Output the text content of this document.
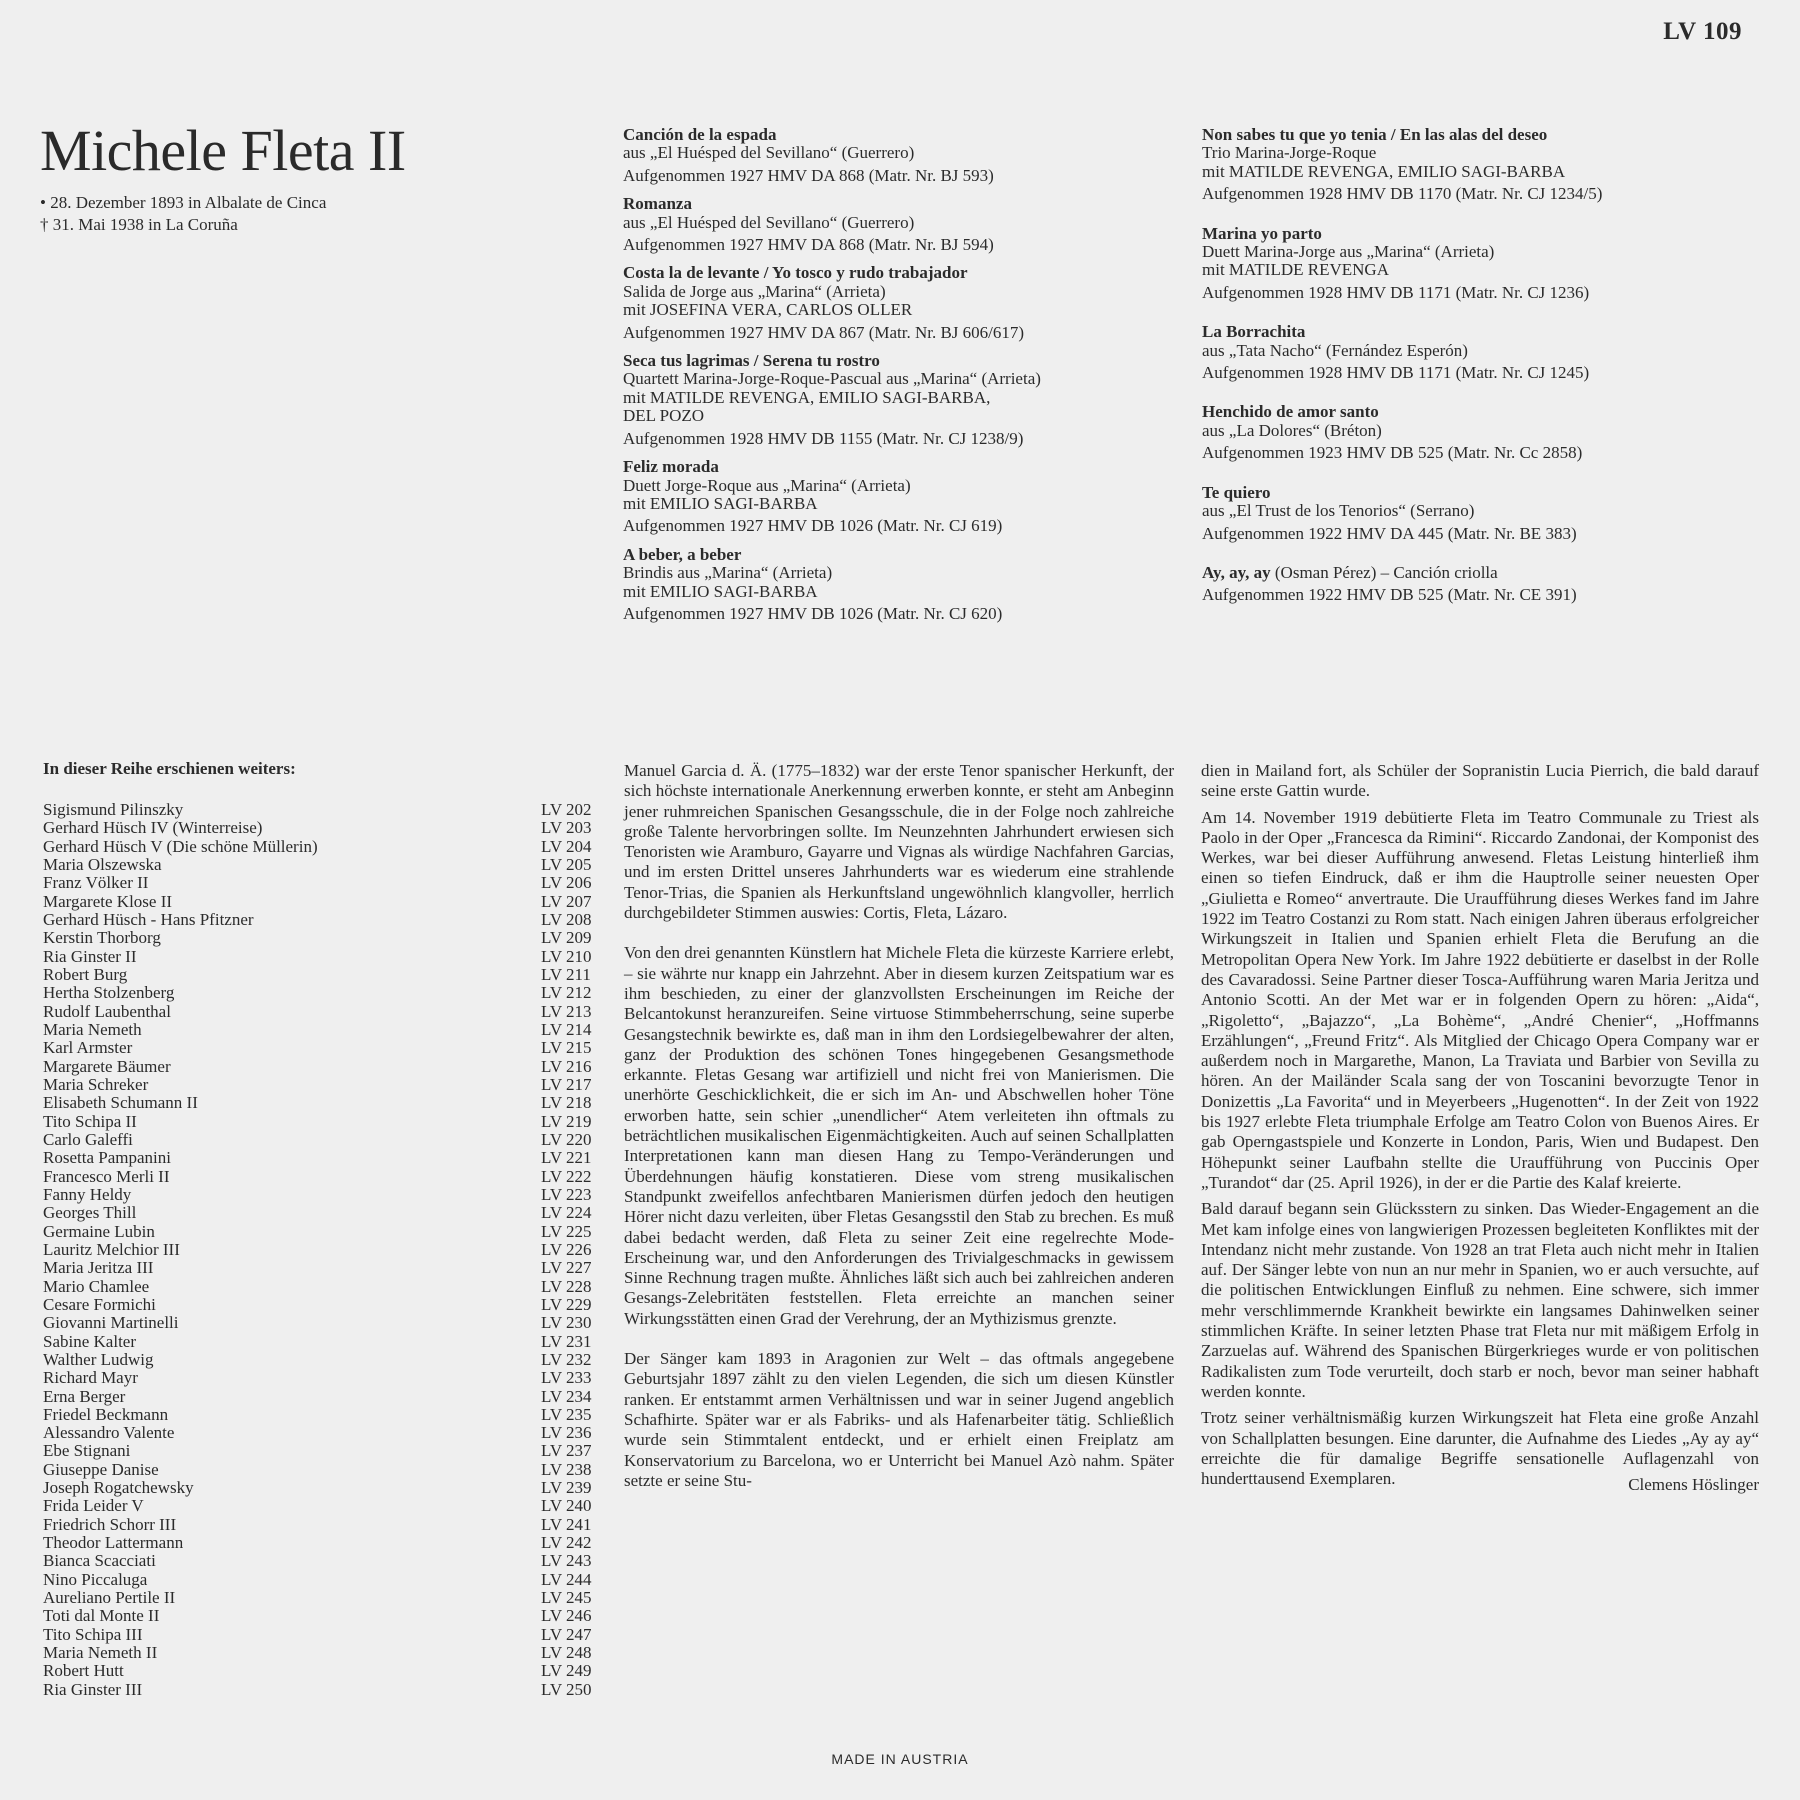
LV 109
Michele Fleta II
• 28. Dezember 1893 in Albalate de Cinca
† 31. Mai 1938 in La Coruña
Canción de la espada
aus „El Huésped del Sevillano“ (Guerrero)
Aufgenommen 1927 HMV DA 868 (Matr. Nr. BJ 593)
Romanza
aus „El Huésped del Sevillano“ (Guerrero)
Aufgenommen 1927 HMV DA 868 (Matr. Nr. BJ 594)
Costa la de levante / Yo tosco y rudo trabajador
Salida de Jorge aus „Marina“ (Arrieta)
mit JOSEFINA VERA, CARLOS OLLER
Aufgenommen 1927 HMV DA 867 (Matr. Nr. BJ 606/617)
Seca tus lagrimas / Serena tu rostro
Quartett Marina-Jorge-Roque-Pascual aus „Marina“ (Arrieta)
mit MATILDE REVENGA, EMILIO SAGI-BARBA,
DEL POZO
Aufgenommen 1928 HMV DB 1155 (Matr. Nr. CJ 1238/9)
Feliz morada
Duett Jorge-Roque aus „Marina“ (Arrieta)
mit EMILIO SAGI-BARBA
Aufgenommen 1927 HMV DB 1026 (Matr. Nr. CJ 619)
A beber, a beber
Brindis aus „Marina“ (Arrieta)
mit EMILIO SAGI-BARBA
Aufgenommen 1927 HMV DB 1026 (Matr. Nr. CJ 620)
Non sabes tu que yo tenia / En las alas del deseo
Trio Marina-Jorge-Roque
mit MATILDE REVENGA, EMILIO SAGI-BARBA
Aufgenommen 1928 HMV DB 1170 (Matr. Nr. CJ 1234/5)
Marina yo parto
Duett Marina-Jorge aus „Marina“ (Arrieta)
mit MATILDE REVENGA
Aufgenommen 1928 HMV DB 1171 (Matr. Nr. CJ 1236)
La Borrachita
aus „Tata Nacho“ (Fernández Esperón)
Aufgenommen 1928 HMV DB 1171 (Matr. Nr. CJ 1245)
Henchido de amor santo
aus „La Dolores“ (Bréton)
Aufgenommen 1923 HMV DB 525 (Matr. Nr. Cc 2858)
Te quiero
aus „El Trust de los Tenorios“ (Serrano)
Aufgenommen 1922 HMV DA 445 (Matr. Nr. BE 383)
Ay, ay, ay (Osman Pérez) – Canción criolla
Aufgenommen 1922 HMV DB 525 (Matr. Nr. CE 391)
In dieser Reihe erschienen weiters:
Sigismund Pilinszky	LV 202
Gerhard Hüsch IV (Winterreise)	LV 203
Gerhard Hüsch V (Die schöne Müllerin)	LV 204
Maria Olszewska	LV 205
Franz Völker II	LV 206
Margarete Klose II	LV 207
Gerhard Hüsch - Hans Pfitzner	LV 208
Kerstin Thorborg	LV 209
Ria Ginster II	LV 210
Robert Burg	LV 211
Hertha Stolzenberg	LV 212
Rudolf Laubenthal	LV 213
Maria Nemeth	LV 214
Karl Armster	LV 215
Margarete Bäumer	LV 216
Maria Schreker	LV 217
Elisabeth Schumann II	LV 218
Tito Schipa II	LV 219
Carlo Galeffi	LV 220
Rosetta Pampanini	LV 221
Francesco Merli II	LV 222
Fanny Heldy	LV 223
Georges Thill	LV 224
Germaine Lubin	LV 225
Lauritz Melchior III	LV 226
Maria Jeritza III	LV 227
Mario Chamlee	LV 228
Cesare Formichi	LV 229
Giovanni Martinelli	LV 230
Sabine Kalter	LV 231
Walther Ludwig	LV 232
Richard Mayr	LV 233
Erna Berger	LV 234
Friedel Beckmann	LV 235
Alessandro Valente	LV 236
Ebe Stignani	LV 237
Giuseppe Danise	LV 238
Joseph Rogatchewsky	LV 239
Frida Leider V	LV 240
Friedrich Schorr III	LV 241
Theodor Lattermann	LV 242
Bianca Scacciati	LV 243
Nino Piccaluga	LV 244
Aureliano Pertile II	LV 245
Toti dal Monte II	LV 246
Tito Schipa III	LV 247
Maria Nemeth II	LV 248
Robert Hutt	LV 249
Ria Ginster III	LV 250

Manuel Garcia d. Ä. (1775–1832) war der erste Tenor spanischer Herkunft, der sich höchste internationale Anerkennung erwerben konnte, er steht am Anbeginn jener ruhmreichen Spanischen Gesangsschule, die in der Folge noch zahlreiche große Talente hervorbringen sollte. Im Neunzehnten Jahrhundert erwiesen sich Tenoristen wie Aramburo, Gayarre und Vignas als würdige Nachfahren Garcias, und im ersten Drittel unseres Jahrhunderts war es wiederum eine strahlende Tenor-Trias, die Spanien als Herkunftsland ungewöhnlich klangvoller, herrlich durchgebildeter Stimmen auswies: Cortis, Fleta, Lázaro.

Von den drei genannten Künstlern hat Michele Fleta die kürzeste Karriere erlebt, – sie währte nur knapp ein Jahrzehnt. Aber in diesem kurzen Zeitspatium war es ihm beschieden, zu einer der glanzvollsten Erscheinungen im Reiche der Belcantokunst heranzureifen. Seine virtuose Stimmbeherrschung, seine superbe Gesangstechnik bewirkte es, daß man in ihm den Lordsiegelbewahrer der alten, ganz der Produktion des schönen Tones hingegebenen Gesangsmethode erkannte. Fletas Gesang war artifiziell und nicht frei von Manierismen. Die unerhörte Geschicklichkeit, die er sich im An- und Abschwellen hoher Töne erworben hatte, sein schier „unendlicher“ Atem verleiteten ihn oftmals zu beträchtlichen musikalischen Eigenmächtigkeiten. Auch auf seinen Schallplatten Interpretationen kann man diesen Hang zu Tempo-Veränderungen und Überdehnungen häufig konstatieren. Diese vom streng musikalischen Standpunkt zweifellos anfechtbaren Manierismen dürfen jedoch den heutigen Hörer nicht dazu verleiten, über Fletas Gesangsstil den Stab zu brechen. Es muß dabei bedacht werden, daß Fleta zu seiner Zeit eine regelrechte Mode-Erscheinung war, und den Anforderungen des Trivialgeschmacks in gewissem Sinne Rechnung tragen mußte. Ähnliches läßt sich auch bei zahlreichen anderen Gesangs-Zelebritäten feststellen. Fleta erreichte an manchen seiner Wirkungsstätten einen Grad der Verehrung, der an Mythizismus grenzte.

Der Sänger kam 1893 in Aragonien zur Welt – das oftmals angegebene Geburtsjahr 1897 zählt zu den vielen Legenden, die sich um diesen Künstler ranken. Er entstammt armen Verhältnissen und war in seiner Jugend angeblich Schafhirte. Später war er als Fabriks- und als Hafenarbeiter tätig. Schließlich wurde sein Stimmtalent entdeckt, und er erhielt einen Freiplatz am Konservatorium zu Barcelona, wo er Unterricht bei Manuel Azò nahm. Später setzte er seine Stu-

dien in Mailand fort, als Schüler der Sopranistin Lucia Pierrich, die bald darauf seine erste Gattin wurde.

Am 14. November 1919 debütierte Fleta im Teatro Communale zu Triest als Paolo in der Oper „Francesca da Rimini“. Riccardo Zandonai, der Komponist des Werkes, war bei dieser Aufführung anwesend. Fletas Leistung hinterließ ihm einen so tiefen Eindruck, daß er ihm die Hauptrolle seiner neuesten Oper „Giulietta e Romeo“ anvertraute. Die Uraufführung dieses Werkes fand im Jahre 1922 im Teatro Costanzi zu Rom statt. Nach einigen Jahren überaus erfolgreicher Wirkungszeit in Italien und Spanien erhielt Fleta die Berufung an die Metropolitan Opera New York. Im Jahre 1922 debütierte er daselbst in der Rolle des Cavaradossi. Seine Partner dieser Tosca-Aufführung waren Maria Jeritza und Antonio Scotti. An der Met war er in folgenden Opern zu hören: „Aida“, „Rigoletto“, „Bajazzo“, „La Bohème“, „André Chenier“, „Hoffmanns Erzählungen“, „Freund Fritz“. Als Mitglied der Chicago Opera Company war er außerdem noch in Margarethe, Manon, La Traviata und Barbier von Sevilla zu hören. An der Mailänder Scala sang der von Toscanini bevorzugte Tenor in Donizettis „La Favorita“ und in Meyerbeers „Hugenotten“. In der Zeit von 1922 bis 1927 erlebte Fleta triumphale Erfolge am Teatro Colon von Buenos Aires. Er gab Operngastspiele und Konzerte in London, Paris, Wien und Budapest. Den Höhepunkt seiner Laufbahn stellte die Uraufführung von Puccinis Oper „Turandot“ dar (25. April 1926), in der er die Partie des Kalaf kreierte.

Bald darauf begann sein Glücksstern zu sinken. Das Wieder-Engagement an die Met kam infolge eines von langwierigen Prozessen begleiteten Konfliktes mit der Intendanz nicht mehr zustande. Von 1928 an trat Fleta auch nicht mehr in Italien auf. Der Sänger lebte von nun an nur mehr in Spanien, wo er auch versuchte, auf die politischen Entwicklungen Einfluß zu nehmen. Eine schwere, sich immer mehr verschlimmernde Krankheit bewirkte ein langsames Dahinwelken seiner stimmlichen Kräfte. In seiner letzten Phase trat Fleta nur mit mäßigem Erfolg in Zarzuelas auf. Während des Spanischen Bürgerkrieges wurde er von politischen Radikalisten zum Tode verurteilt, doch starb er noch, bevor man seiner habhaft werden konnte.

Trotz seiner verhältnismäßig kurzen Wirkungszeit hat Fleta eine große Anzahl von Schallplatten besungen. Eine darunter, die Aufnahme des Liedes „Ay ay ay“ erreichte die für damalige Begriffe sensationelle Auflagenzahl von hunderttausend Exemplaren.	Clemens Höslinger
MADE IN AUSTRIA
